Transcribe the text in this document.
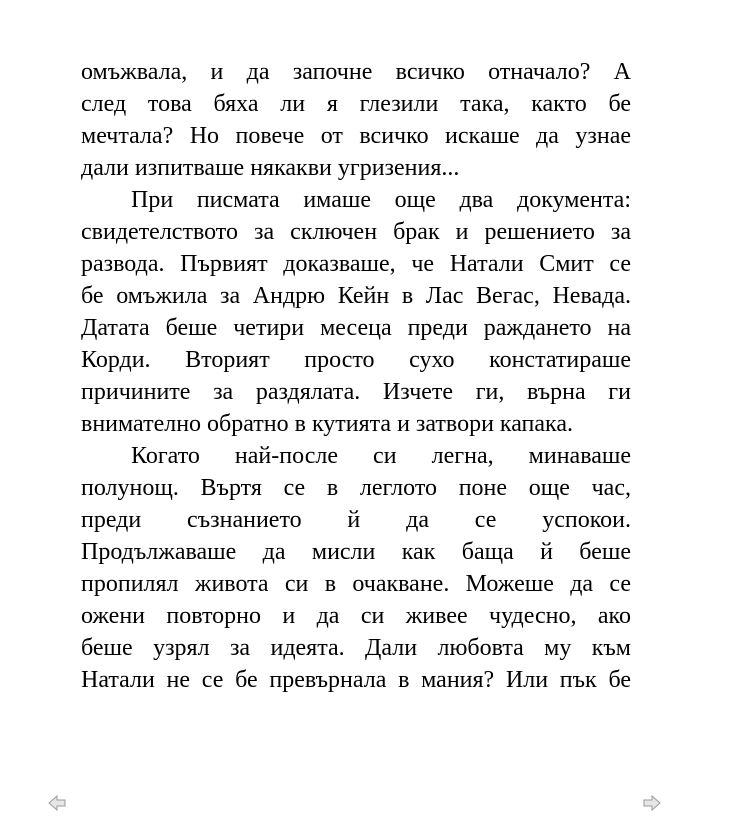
омъжвала, и да започне всичко отначало? А
след това бяха ли я глезили така, както бе
мечтала? Но повече от всичко искаше да узнае
дали изпитваше някакви угризения...
При писмата имаше още два документа:
свидетелството за сключен брак и решението за
развода. Първият доказваше, че Натали Смит се
бе омъжила за Андрю Кейн в Лас Вегас, Невада.
Датата беше четири месеца преди раждането на
Корди. Вторият просто сухо констатираше
причините за раздялата. Изчете ги, върна ги
внимателно обратно в кутията и затвори капака.
Когато най-после си легна, минаваше
полунощ. Въртя се в леглото поне още час,
преди съзнанието й да се успокои.
Продължаваше да мисли как баща й беше
пропилял живота си в очакване. Можеше да се
ожени повторно и да си живее чудесно, ако
беше узрял за идеята. Дали любовта му към
Натали не се бе превърнала в мания? Или пък бе
